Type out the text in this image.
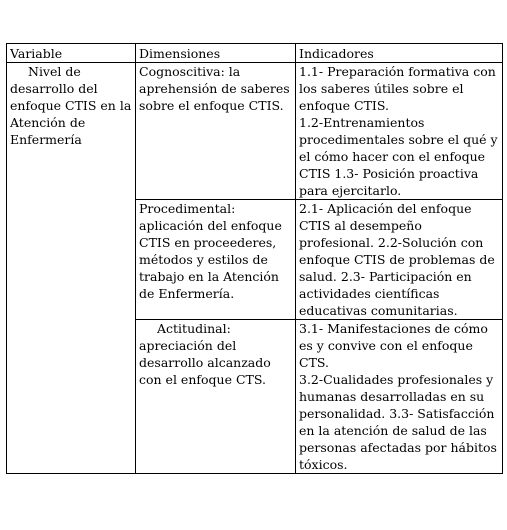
Variable	Dimensiones	Indicadores

Nivel de desarrollo del enfoque CTIS en la Atención de Enfermería	Cognoscitiva: la aprehensión de saberes sobre el enfoque CTIS.	1.1- Preparación formativa con los saberes útiles sobre el enfoque CTIS.
1.2-Entrenamientos procedimentales sobre el qué y el cómo hacer con el enfoque CTIS 1.3- Posición proactiva para ejercitarlo.

	Procedimental: aplicación del enfoque CTIS en proceederes, métodos y estilos de trabajo en la Atención de Enfermería.	2.1- Aplicación del enfoque CTIS al desempeño profesional. 2.2-Solución con enfoque CTIS de problemas de salud. 2.3- Participación en actividades científicas educativas comunitarias.

	Actitudinal: apreciación del desarrollo alcanzado con el enfoque CTS.	3.1- Manifestaciones de cómo es y convive con el enfoque CTS.
3.2-Cualidades profesionales y humanas desarrolladas en su personalidad. 3.3- Satisfacción en la atención de salud de las personas afectadas por hábitos tóxicos.
